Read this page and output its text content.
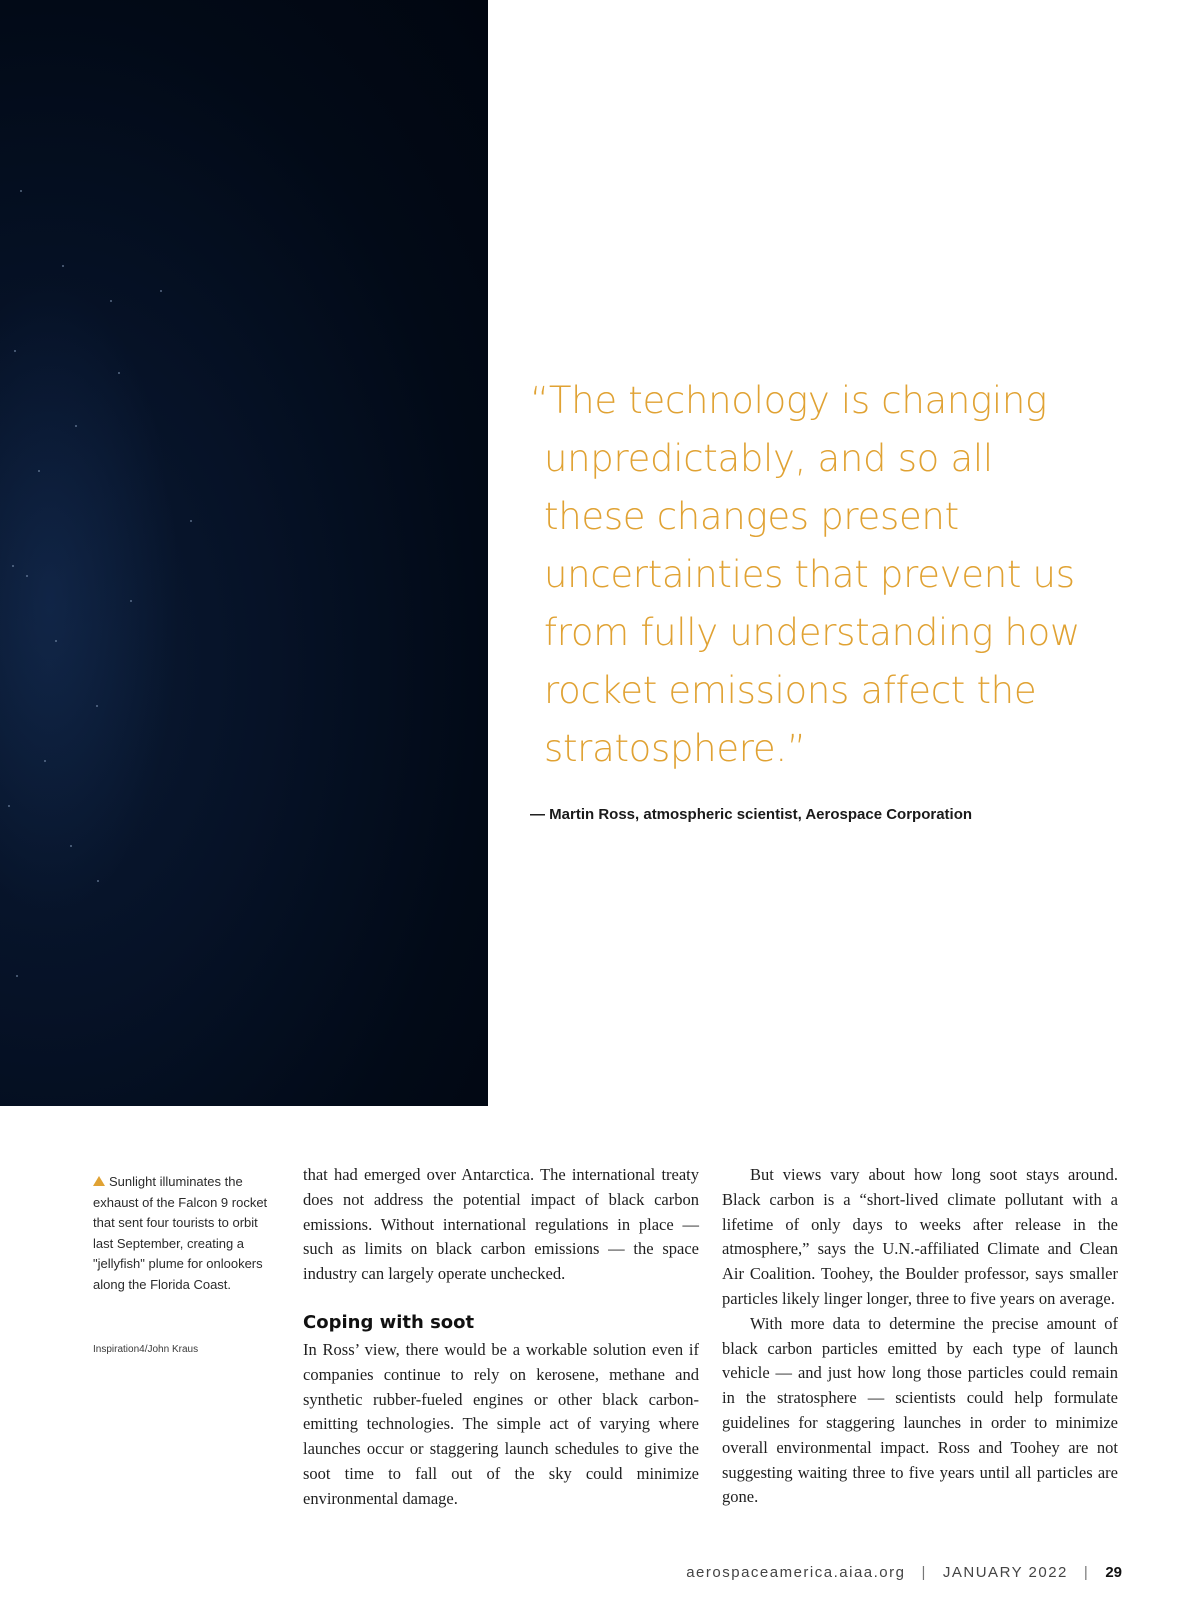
“The technology is changing unpredictably, and so all these changes present uncertainties that prevent us from fully understanding how rocket emissions affect the stratosphere.”

— Martin Ross, atmospheric scientist, Aerospace Corporation
Sunlight illuminates the exhaust of the Falcon 9 rocket that sent four tourists to orbit last September, creating a "jellyfish" plume for onlookers along the Florida Coast.
Inspiration4/John Kraus

that had emerged over Antarctica. The international treaty does not address the potential impact of black carbon emissions. Without international regulations in place — such as limits on black carbon emissions — the space industry can largely operate unchecked.

Coping with soot

In Ross’ view, there would be a workable solution even if companies continue to rely on kerosene, methane and synthetic rubber-fueled engines or other black carbon-emitting technologies. The simple act of varying where launches occur or staggering launch schedules to give the soot time to fall out of the sky could minimize environmental damage.

But views vary about how long soot stays around. Black carbon is a “short-lived climate pollutant with a lifetime of only days to weeks after release in the atmosphere,” says the U.N.-affiliated Climate and Clean Air Coalition. Toohey, the Boulder professor, says smaller particles likely linger longer, three to five years on average.

With more data to determine the precise amount of black carbon particles emitted by each type of launch vehicle — and just how long those particles could remain in the stratosphere — scientists could help formulate guidelines for staggering launches in order to minimize overall environmental impact. Ross and Toohey are not suggesting waiting three to five years until all particles are gone.

aerospaceamerica.aiaa.org | JANUARY 2022 | 29
